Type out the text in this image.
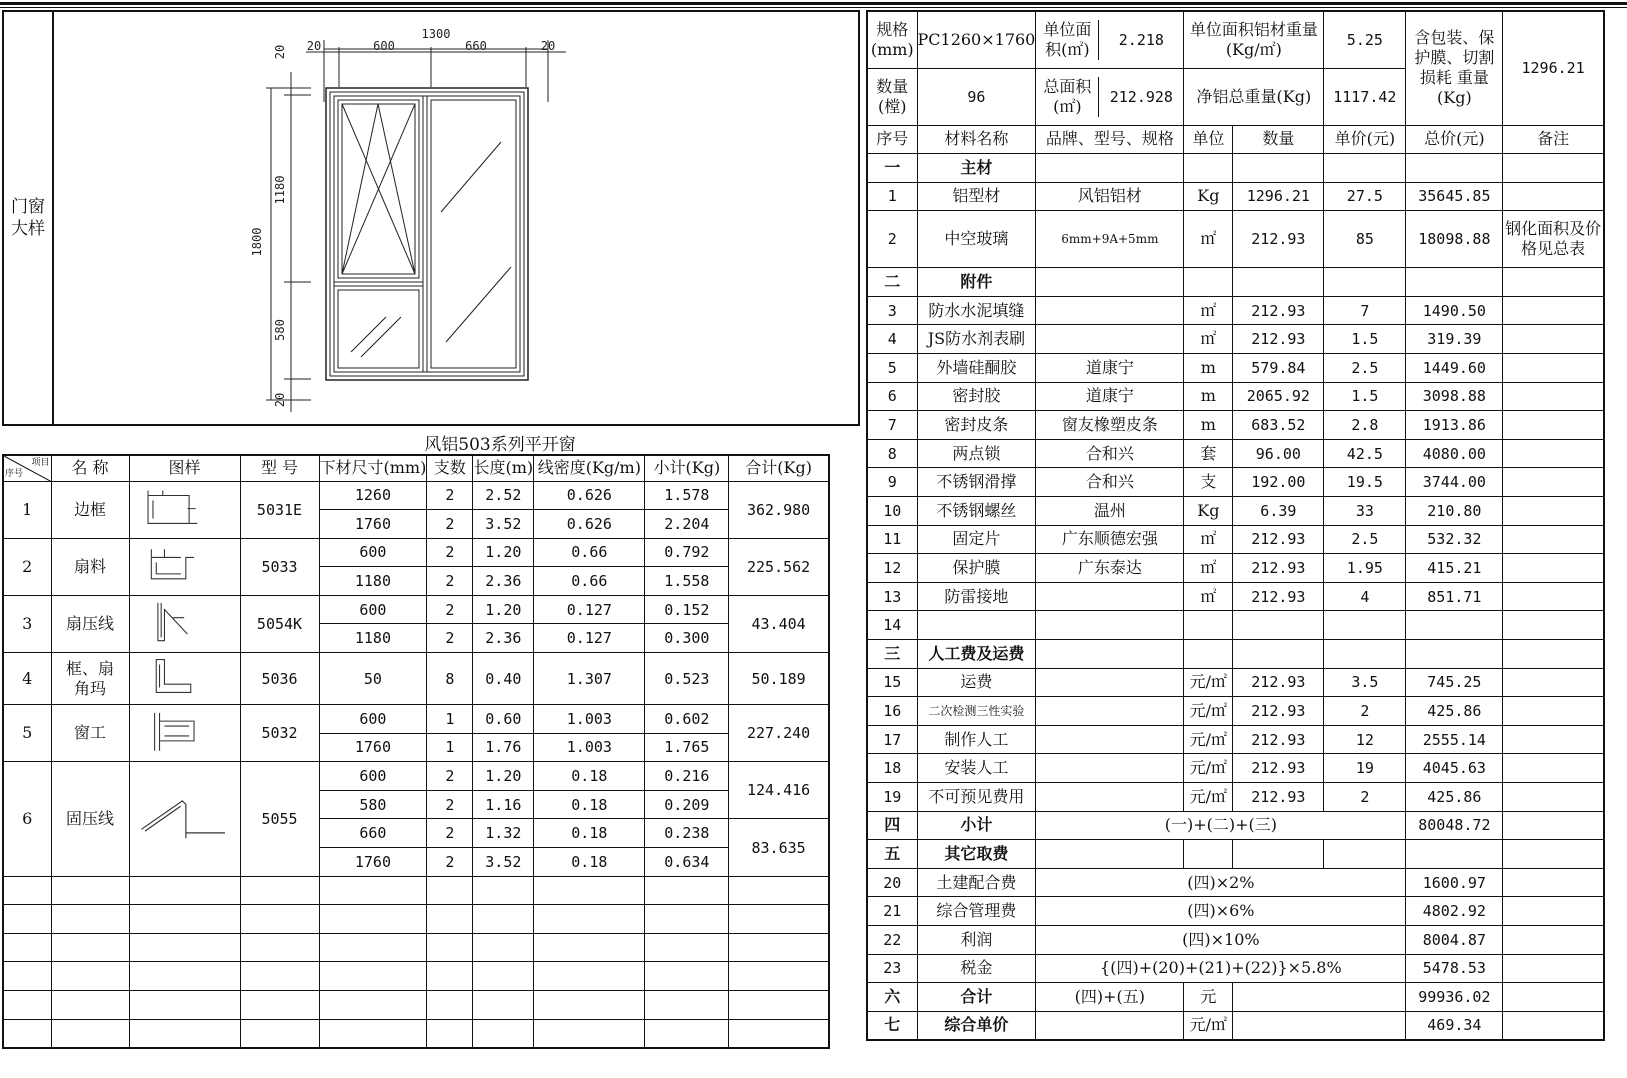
门窗大样
1300
20	600	660	20
1800
1180
580
20
20
风铝503系列平开窗
项目
序号	名 称	图样	型 号	下材尺寸(mm)	支数	长度(m)	线密度(Kg/m)	小计(Kg)	合计(Kg)
1	边框		5031E	1260	2	2.52	0.626	1.578	362.980
				1760	2	3.52	0.626	2.204	
2	扇料		5033	600	2	1.20	0.66	0.792	225.562
				1180	2	2.36	0.66	1.558	
3	扇压线		5054K	600	2	1.20	0.127	0.152	43.404
				1180	2	2.36	0.127	0.300	
4	框、扇角玛		5036	50	8	0.40	1.307	0.523	50.189
5	窗工		5032	600	1	0.60	1.003	0.602	227.240
				1760	1	1.76	1.003	1.765	
6	固压线		5055	600	2	1.20	0.18	0.216	124.416
				580	2	1.16	0.18	0.209	
				660	2	1.32	0.18	0.238	83.635
				1760	2	3.52	0.18	0.634	

规格(mm)	PC1260×1760	单位面积(㎡) 2.218	单位面积铝材重量(Kg/㎡)		5.25	含包装、保护膜、切割损耗 重量(Kg)	1296.21
数量(樘)	96	总面积(㎡) 212.928	净铝总重量(Kg)		1117.42		
序号	材料名称	品牌、型号、规格	单位	数量	单价(元)	总价(元)	备注
一	主材						
1	铝型材	风铝铝材	Kg	1296.21	27.5	35645.85	
2	中空玻璃	6mm+9A+5mm	㎡	212.93	85	18098.88	钢化面积及价格见总表
二	附件						
3	防水水泥填缝		㎡	212.93	7	1490.50	
4	JS防水剂表刷		㎡	212.93	1.5	319.39	
5	外墙硅酮胶	道康宁	m	579.84	2.5	1449.60	
6	密封胶	道康宁	m	2065.92	1.5	3098.88	
7	密封皮条	窗友橡塑皮条	m	683.52	2.8	1913.86	
8	两点锁	合和兴	套	96.00	42.5	4080.00	
9	不锈钢滑撑	合和兴	支	192.00	19.5	3744.00	
10	不锈钢螺丝	温州	Kg	6.39	33	210.80	
11	固定片	广东顺德宏强	㎡	212.93	2.5	532.32	
12	保护膜	广东泰达	㎡	212.93	1.95	415.21	
13	防雷接地		㎡	212.93	4	851.71	
14							
三	人工费及运费						
15	运费		元/㎡	212.93	3.5	745.25	
16	二次检测三性实验		元/㎡	212.93	2	425.86	
17	制作人工		元/㎡	212.93	12	2555.14	
18	安装人工		元/㎡	212.93	19	4045.63	
19	不可预见费用		元/㎡	212.93	2	425.86	
四	小计	(一)+(二)+(三)				80048.72	
五	其它取费						
20	土建配合费	(四)×2%				1600.97	
21	综合管理费	(四)×6%				4802.92	
22	利润	(四)×10%				8004.87	
23	税金	{(四)+(20)+(21)+(22)}×5.8%				5478.53	
六	合计	(四)+(五)	元			99936.02	
七	综合单价		元/㎡			469.34	
